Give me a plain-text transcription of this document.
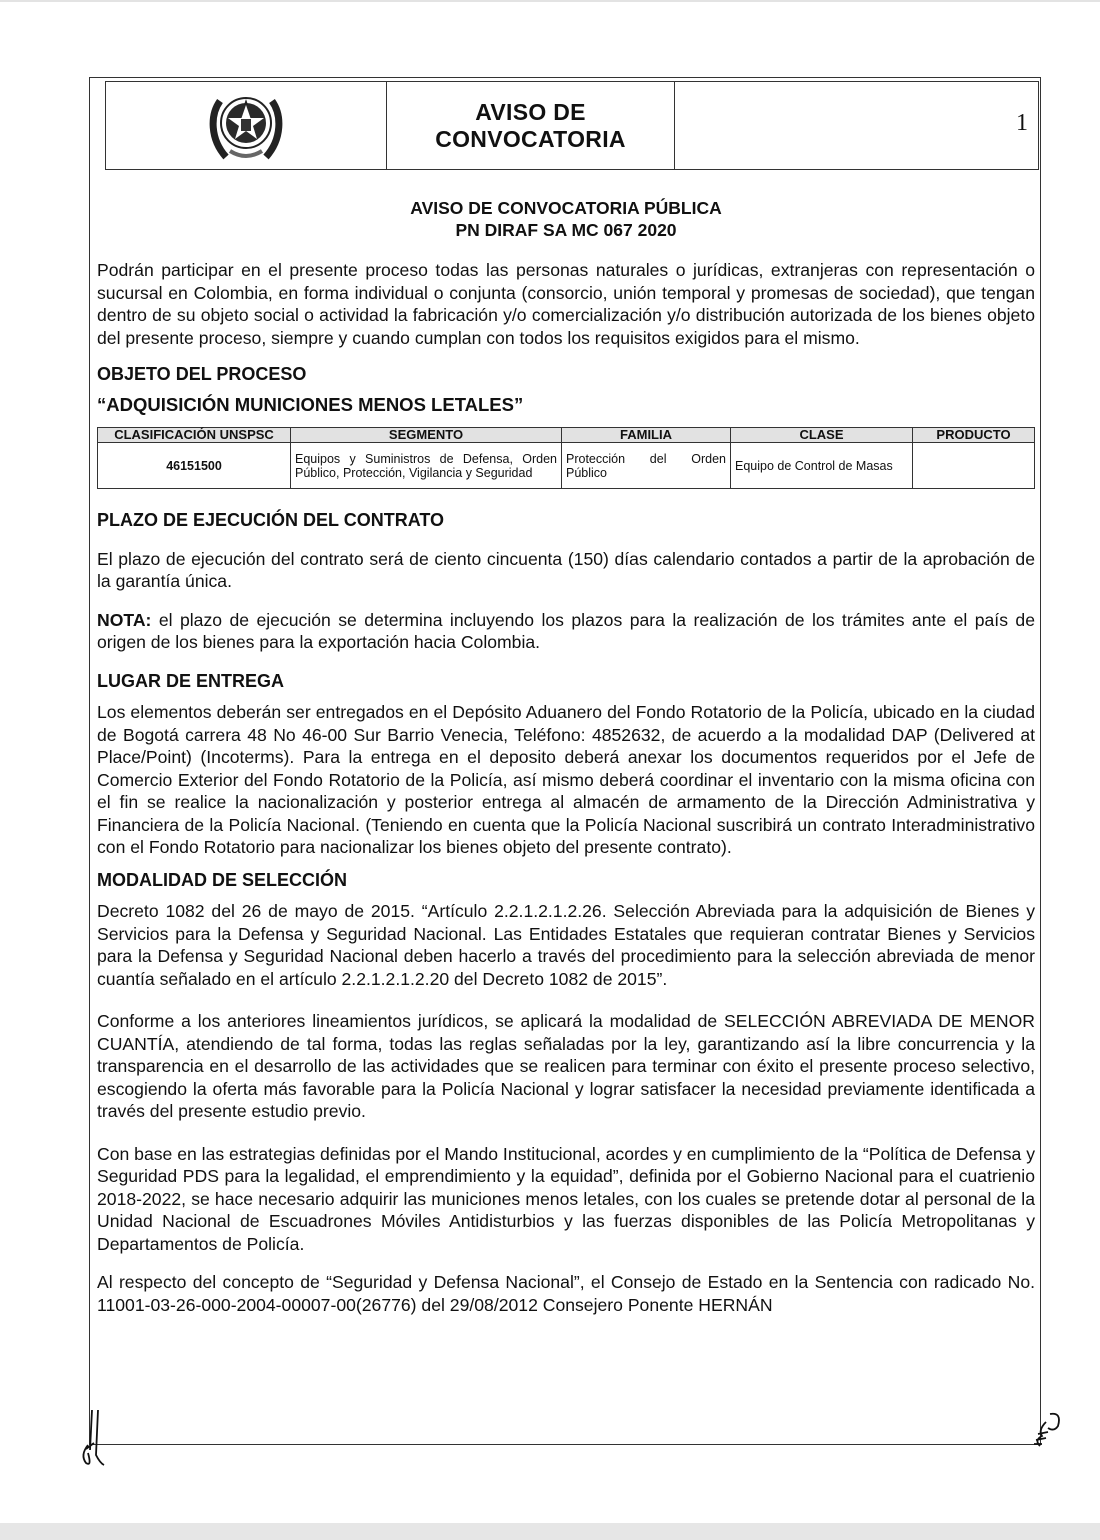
AVISO DE
CONVOCATORIA
1
AVISO DE CONVOCATORIA PÚBLICA
PN DIRAF SA MC 067 2020

Podrán participar en el presente proceso todas las personas naturales o jurídicas, extranjeras con representación o sucursal en Colombia, en forma individual o conjunta (consorcio, unión temporal y promesas de sociedad), que tengan dentro de su objeto social o actividad la fabricación y/o comercialización y/o distribución autorizada de los bienes objeto del presente proceso, siempre y cuando cumplan con todos los requisitos exigidos para el mismo.

OBJETO DEL PROCESO
“ADQUISICIÓN MUNICIONES MENOS LETALES”
CLASIFICACIÓN UNSPSC	SEGMENTO	FAMILIA	CLASE	PRODUCTO
46151500	Equipos y Suministros de Defensa, Orden Público, Protección, Vigilancia y Seguridad	Protección del Orden Público	Equipo de Control de Masas	
PLAZO DE EJECUCIÓN DEL CONTRATO

El plazo de ejecución del contrato será de ciento cincuenta (150) días calendario contados a partir de la aprobación de la garantía única.

NOTA: el plazo de ejecución se determina incluyendo los plazos para la realización de los trámites ante el país de origen de los bienes para la exportación hacia Colombia.

LUGAR DE ENTREGA

Los elementos deberán ser entregados en el Depósito Aduanero del Fondo Rotatorio de la Policía, ubicado en la ciudad de Bogotá carrera 48 No 46-00 Sur Barrio Venecia, Teléfono: 4852632, de acuerdo a la modalidad DAP (Delivered at Place/Point) (Incoterms). Para la entrega en el deposito deberá anexar los documentos requeridos por el Jefe de Comercio Exterior del Fondo Rotatorio de la Policía, así mismo deberá coordinar el inventario con la misma oficina con el fin se realice la nacionalización y posterior entrega al almacén de armamento de la Dirección Administrativa y Financiera de la Policía Nacional. (Teniendo en cuenta que la Policía Nacional suscribirá un contrato Interadministrativo con el Fondo Rotatorio para nacionalizar los bienes objeto del presente contrato).

MODALIDAD DE SELECCIÓN

Decreto 1082 del 26 de mayo de 2015. “Artículo 2.2.1.2.1.2.26. Selección Abreviada para la adquisición de Bienes y Servicios para la Defensa y Seguridad Nacional. Las Entidades Estatales que requieran contratar Bienes y Servicios para la Defensa y Seguridad Nacional deben hacerlo a través del procedimiento para la selección abreviada de menor cuantía señalado en el artículo 2.2.1.2.1.2.20 del Decreto 1082 de 2015”.

Conforme a los anteriores lineamientos jurídicos, se aplicará la modalidad de SELECCIÓN ABREVIADA DE MENOR CUANTÍA, atendiendo de tal forma, todas las reglas señaladas por la ley, garantizando así la libre concurrencia y la transparencia en el desarrollo de las actividades que se realicen para terminar con éxito el presente proceso selectivo, escogiendo la oferta más favorable para la Policía Nacional y lograr satisfacer la necesidad previamente identificada a través del presente estudio previo.

Con base en las estrategias definidas por el Mando Institucional, acordes y en cumplimiento de la “Política de Defensa y Seguridad PDS para la legalidad, el emprendimiento y la equidad”, definida por el Gobierno Nacional para el cuatrienio 2018-2022, se hace necesario adquirir las municiones menos letales, con los cuales se pretende dotar al personal de la Unidad Nacional de Escuadrones Móviles Antidisturbios y las fuerzas disponibles de las Policía Metropolitanas y Departamentos de Policía.

Al respecto del concepto de “Seguridad y Defensa Nacional”, el Consejo de Estado en la Sentencia con radicado No. 11001-03-26-000-2004-00007-00(26776) del 29/08/2012 Consejero Ponente HERNÁN
